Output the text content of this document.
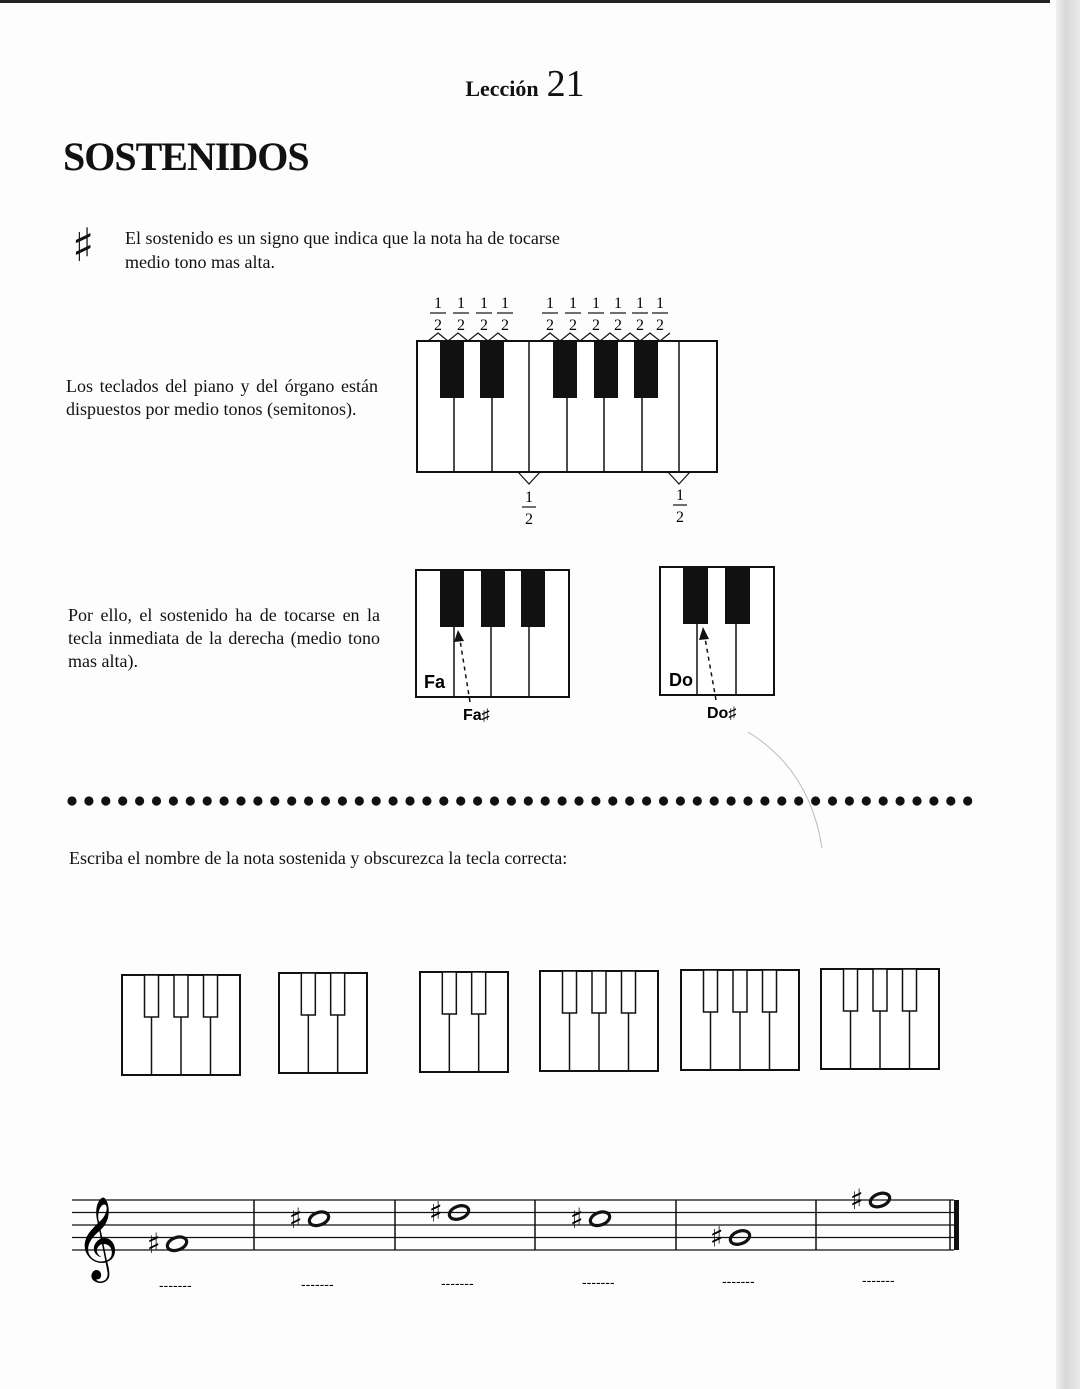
Lección 21
SOSTENIDOS
♯ El sostenido es un signo que indica que la nota ha de tocarse medio tono mas alta.
Los teclados del piano y del órgano están dispuestos por medio tonos (semitonos).
Por ello, el sostenido ha de tocarse en la tecla inmediata de la derecha (medio tono mas alta).
Escriba el nombre de la nota sostenida y obscurezca la tecla correcta:
1
2
1
2
1
2
1
2
1
2
1
2
1
2
1
2
1
2
1
2
1
2
1
2
Fa
Fa♯
Do
Do♯
𝄞 ♯
♯	♯	♯
♯
♯
-------	-------	-------	-------	-------	-------
